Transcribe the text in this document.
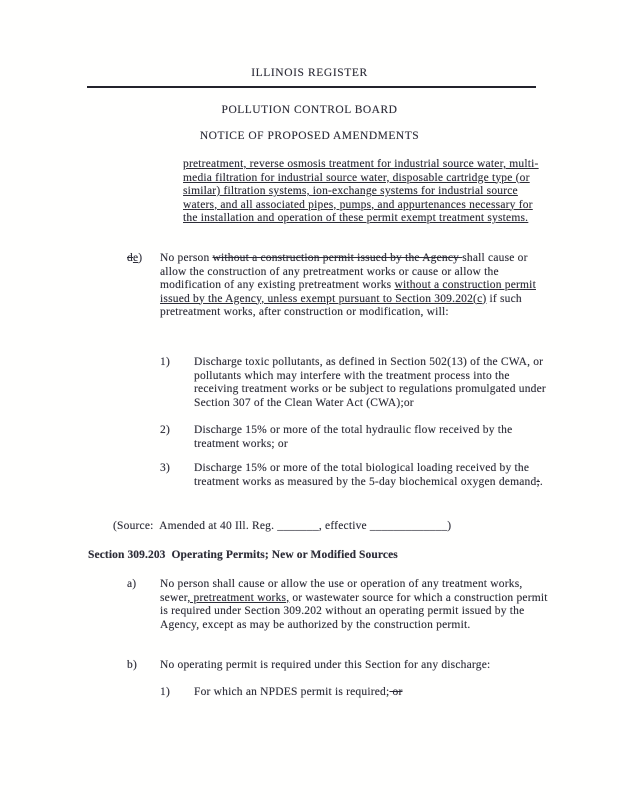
ILLINOIS REGISTER
POLLUTION CONTROL BOARD
NOTICE OF PROPOSED AMENDMENTS
pretreatment, reverse osmosis treatment for industrial source water, multi-media filtration for industrial source water, disposable cartridge type (or similar) filtration systems, ion-exchange systems for industrial source waters, and all associated pipes, pumps, and appurtenances necessary for the installation and operation of these permit exempt treatment systems.
de) No person without a construction permit issued by the Agency shall cause or allow the construction of any pretreatment works or cause or allow the modification of any existing pretreatment works without a construction permit issued by the Agency, unless exempt pursuant to Section 309.202(c) if such pretreatment works, after construction or modification, will:
1) Discharge toxic pollutants, as defined in Section 502(13) of the CWA, or pollutants which may interfere with the treatment process into the receiving treatment works or be subject to regulations promulgated under Section 307 of the Clean Water Act (CWA);or
2) Discharge 15% or more of the total hydraulic flow received by the treatment works; or
3) Discharge 15% or more of the total biological loading received by the treatment works as measured by the 5-day biochemical oxygen demand;.
(Source:  Amended at 40 Ill. Reg. _______, effective _____________)
Section 309.203  Operating Permits; New or Modified Sources
a) No person shall cause or allow the use or operation of any treatment works, sewer, pretreatment works, or wastewater source for which a construction permit is required under Section 309.202 without an operating permit issued by the Agency, except as may be authorized by the construction permit.
b) No operating permit is required under this Section for any discharge:
1) For which an NPDES permit is required; or
